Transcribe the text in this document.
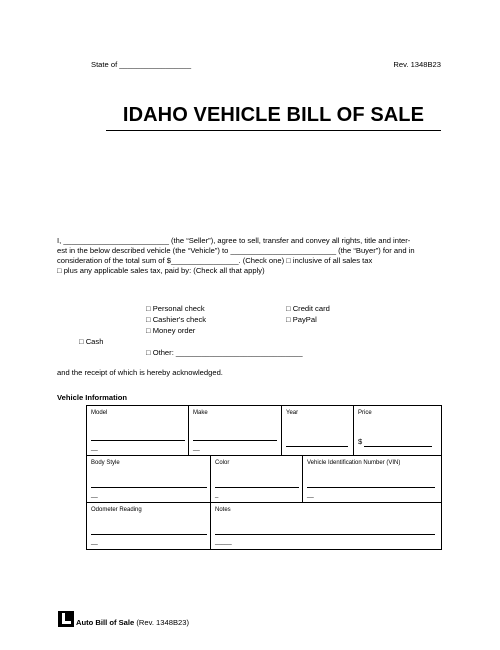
State of _________________	Rev. 1348B23
IDAHO VEHICLE BILL OF SALE
I, _________________________ (the “Seller”), agree to sell, transfer and convey all rights, title and inter-
est in the below described vehicle (the “Vehicle”) to _________________________ (the “Buyer”) for and in
consideration of the total sum of $________________. (Check one) □ inclusive of all sales tax
□ plus any applicable sales tax, paid by: (Check all that apply)
□ Personal check
□ Cashier's check
□ Money order
□ Credit card
□ PayPal
□ Cash
□ Other: ______________________________
and the receipt of which is hereby acknowledged.
Vehicle Information
Model
__
Make
__
Year	Price
$
Body Style
__
Color
_
Vehicle Identification Number (VIN)
__
Odometer Reading
__
Notes
_____
Auto Bill of Sale (Rev. 1348B23)
